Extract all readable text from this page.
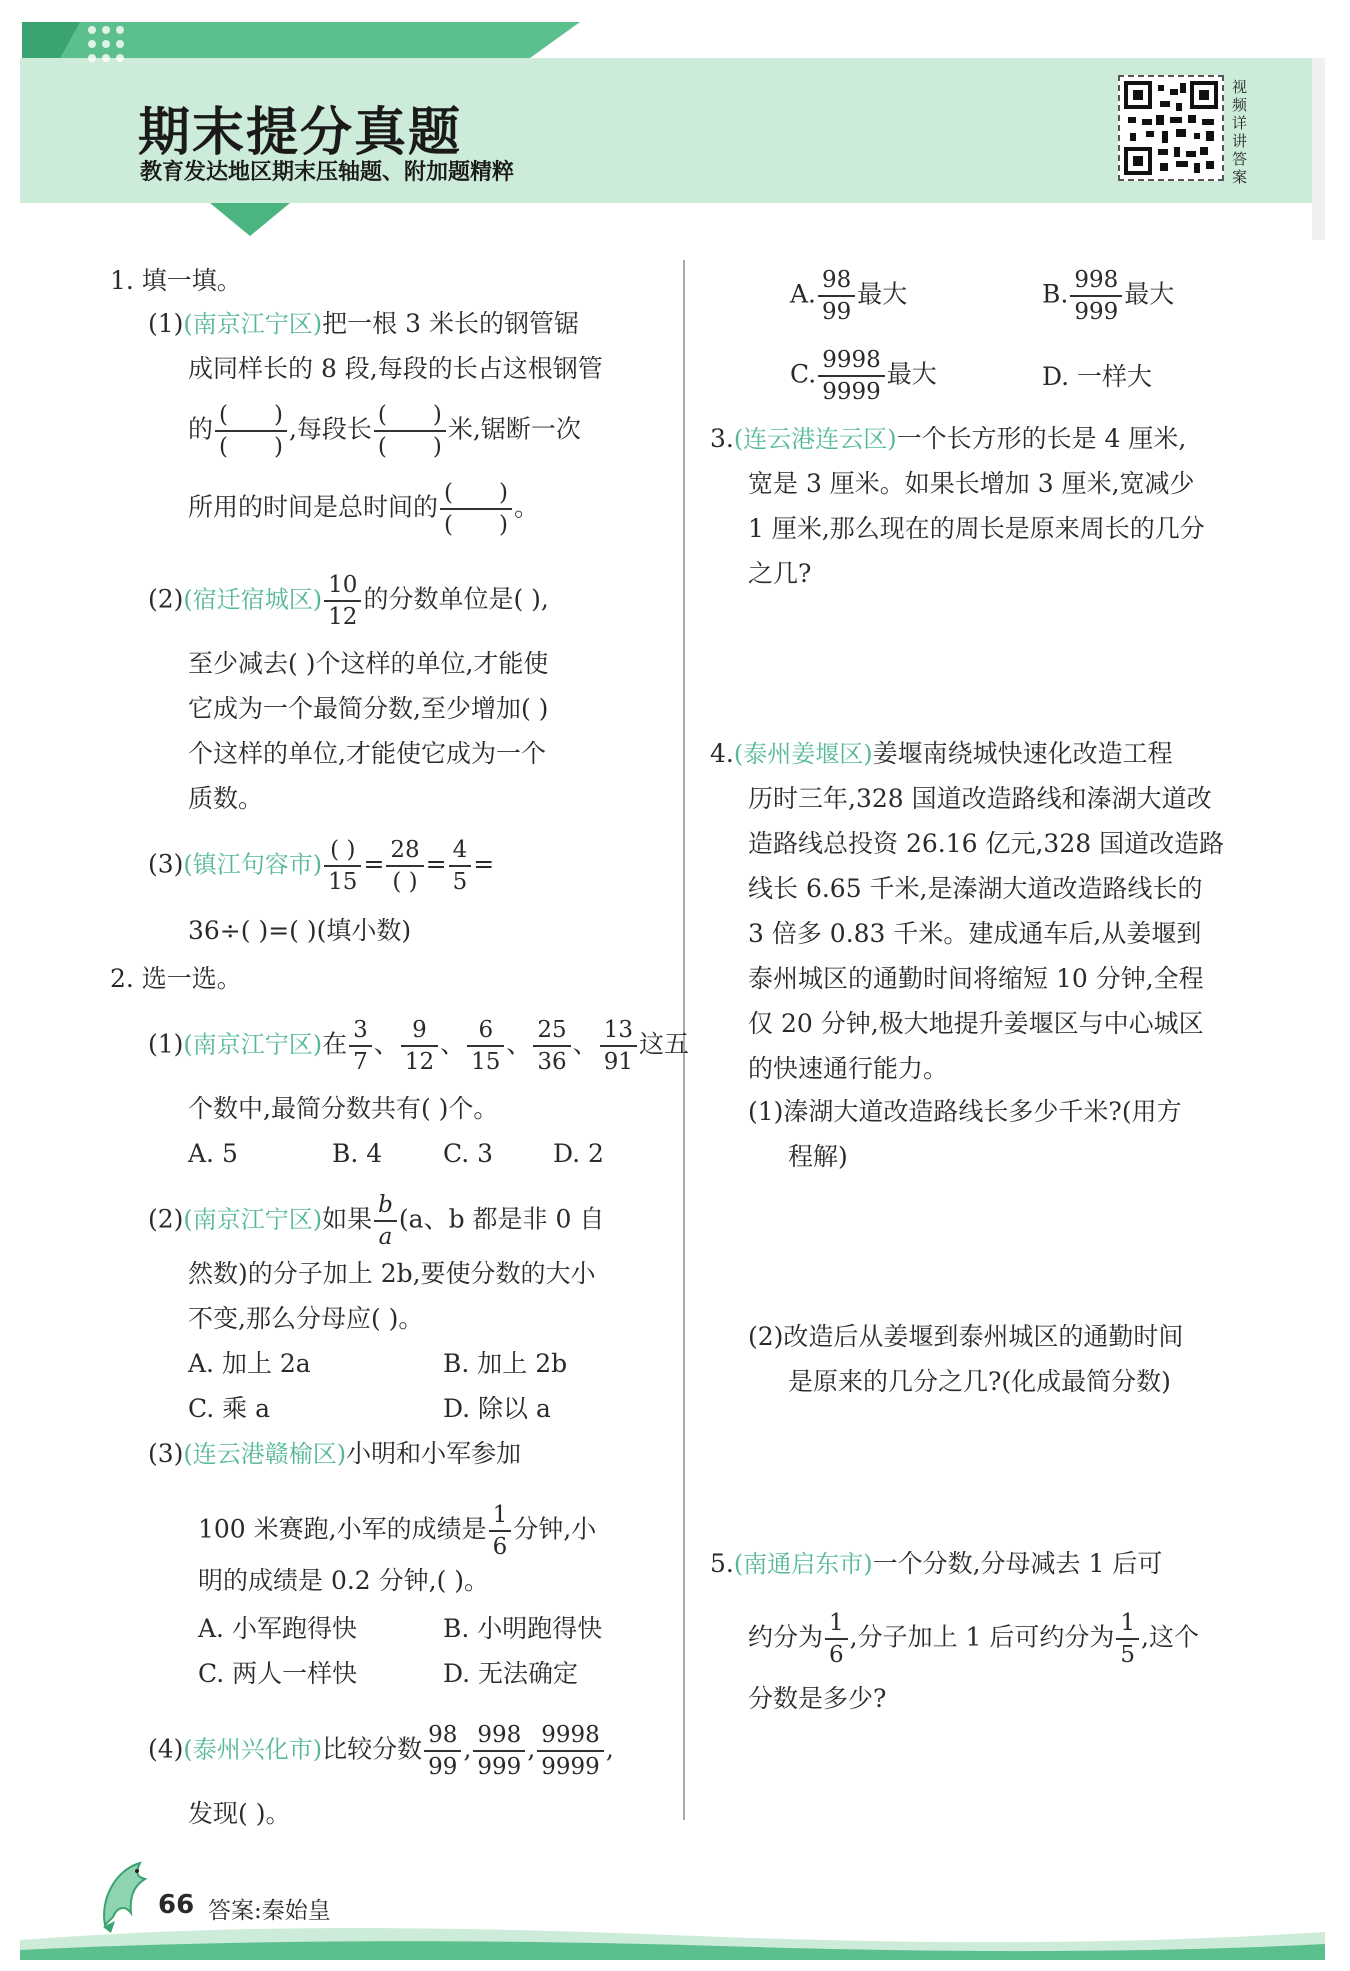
期末提分真题
教育发达地区期末压轴题、附加题精粹
视频详讲答案
1. 填一填。
(1)(南京江宁区)把一根 3 米长的钢管锯
成同样长的 8 段,每段的长占这根钢管
的 $\frac{( )}{( )}$ ,每段长 $\frac{( )}{( )}$ 米,锯断一次
所用的时间是总时间的 $\frac{( )}{( )}$ 。
(2)(宿迁宿城区) $\frac{10}{12}$ 的分数单位是( ),
至少减去( )个这样的单位,才能使
它成为一个最简分数,至少增加( )
个这样的单位,才能使它成为一个
质数。
(3)(镇江句容市) $\frac{( )}{15} = \frac{28}{( )} = \frac{4}{5}$ =
36÷( )=( )(填小数)
2. 选一选。
(1)(南京江宁区)在 $\frac{3}{7}$ 、 $\frac{9}{12}$ 、 $\frac{6}{15}$ 、 $\frac{25}{36}$ 、 $\frac{13}{91}$ 这五
个数中,最简分数共有( )个。
A. 5	B. 4 C. 3 D. 2
(2)(南京江宁区)如果 $\frac{b}{a} (a$、b 都是非 0 自
然数)的分子加上 2b,要使分数的大小
不变,那么分母应( )。
A. 加上 2a	B. 加上 2b
C. 乘 a	D. 除以 a
(3)(连云港赣榆区)小明和小军参加
100 米赛跑,小军的成绩是 $\frac{1}{6}$ 分钟,小
明的成绩是 0.2 分钟,( )。
A. 小军跑得快	B. 小明跑得快
C. 两人一样快	D. 无法确定
(4)(泰州兴化市)比较分数 $\frac{98}{99}$ , $\frac{998}{999}$ , $\frac{9998}{9999}$ ,
发现( )。
A. $\frac{98}{99}$ 最大	B. $\frac{998}{999}$ 最大
C. $\frac{9998}{9999}$ 最大	D. 一样大
3.(连云港连云区)一个长方形的长是 4 厘米,
宽是 3 厘米。如果长增加 3 厘米,宽减少
1 厘米,那么现在的周长是原来周长的几分
之几?
4.(泰州姜堰区)姜堰南绕城快速化改造工程
历时三年,328 国道改造路线和溱湖大道改
造路线总投资 26.16 亿元,328 国道改造路
线长 6.65 千米,是溱湖大道改造路线长的
3 倍多 0.83 千米。建成通车后,从姜堰到
泰州城区的通勤时间将缩短 10 分钟,全程
仅 20 分钟,极大地提升姜堰区与中心城区
的快速通行能力。
(1)溱湖大道改造路线长多少千米?(用方
程解)
(2)改造后从姜堰到泰州城区的通勤时间
是原来的几分之几?(化成最简分数)
5.(南通启东市)一个分数,分母减去 1 后可
约分为 $\frac{1}{6}$ ,分子加上 1 后可约分为 $\frac{1}{5}$ ,这个
分数是多少?
66 答案:秦始皇
